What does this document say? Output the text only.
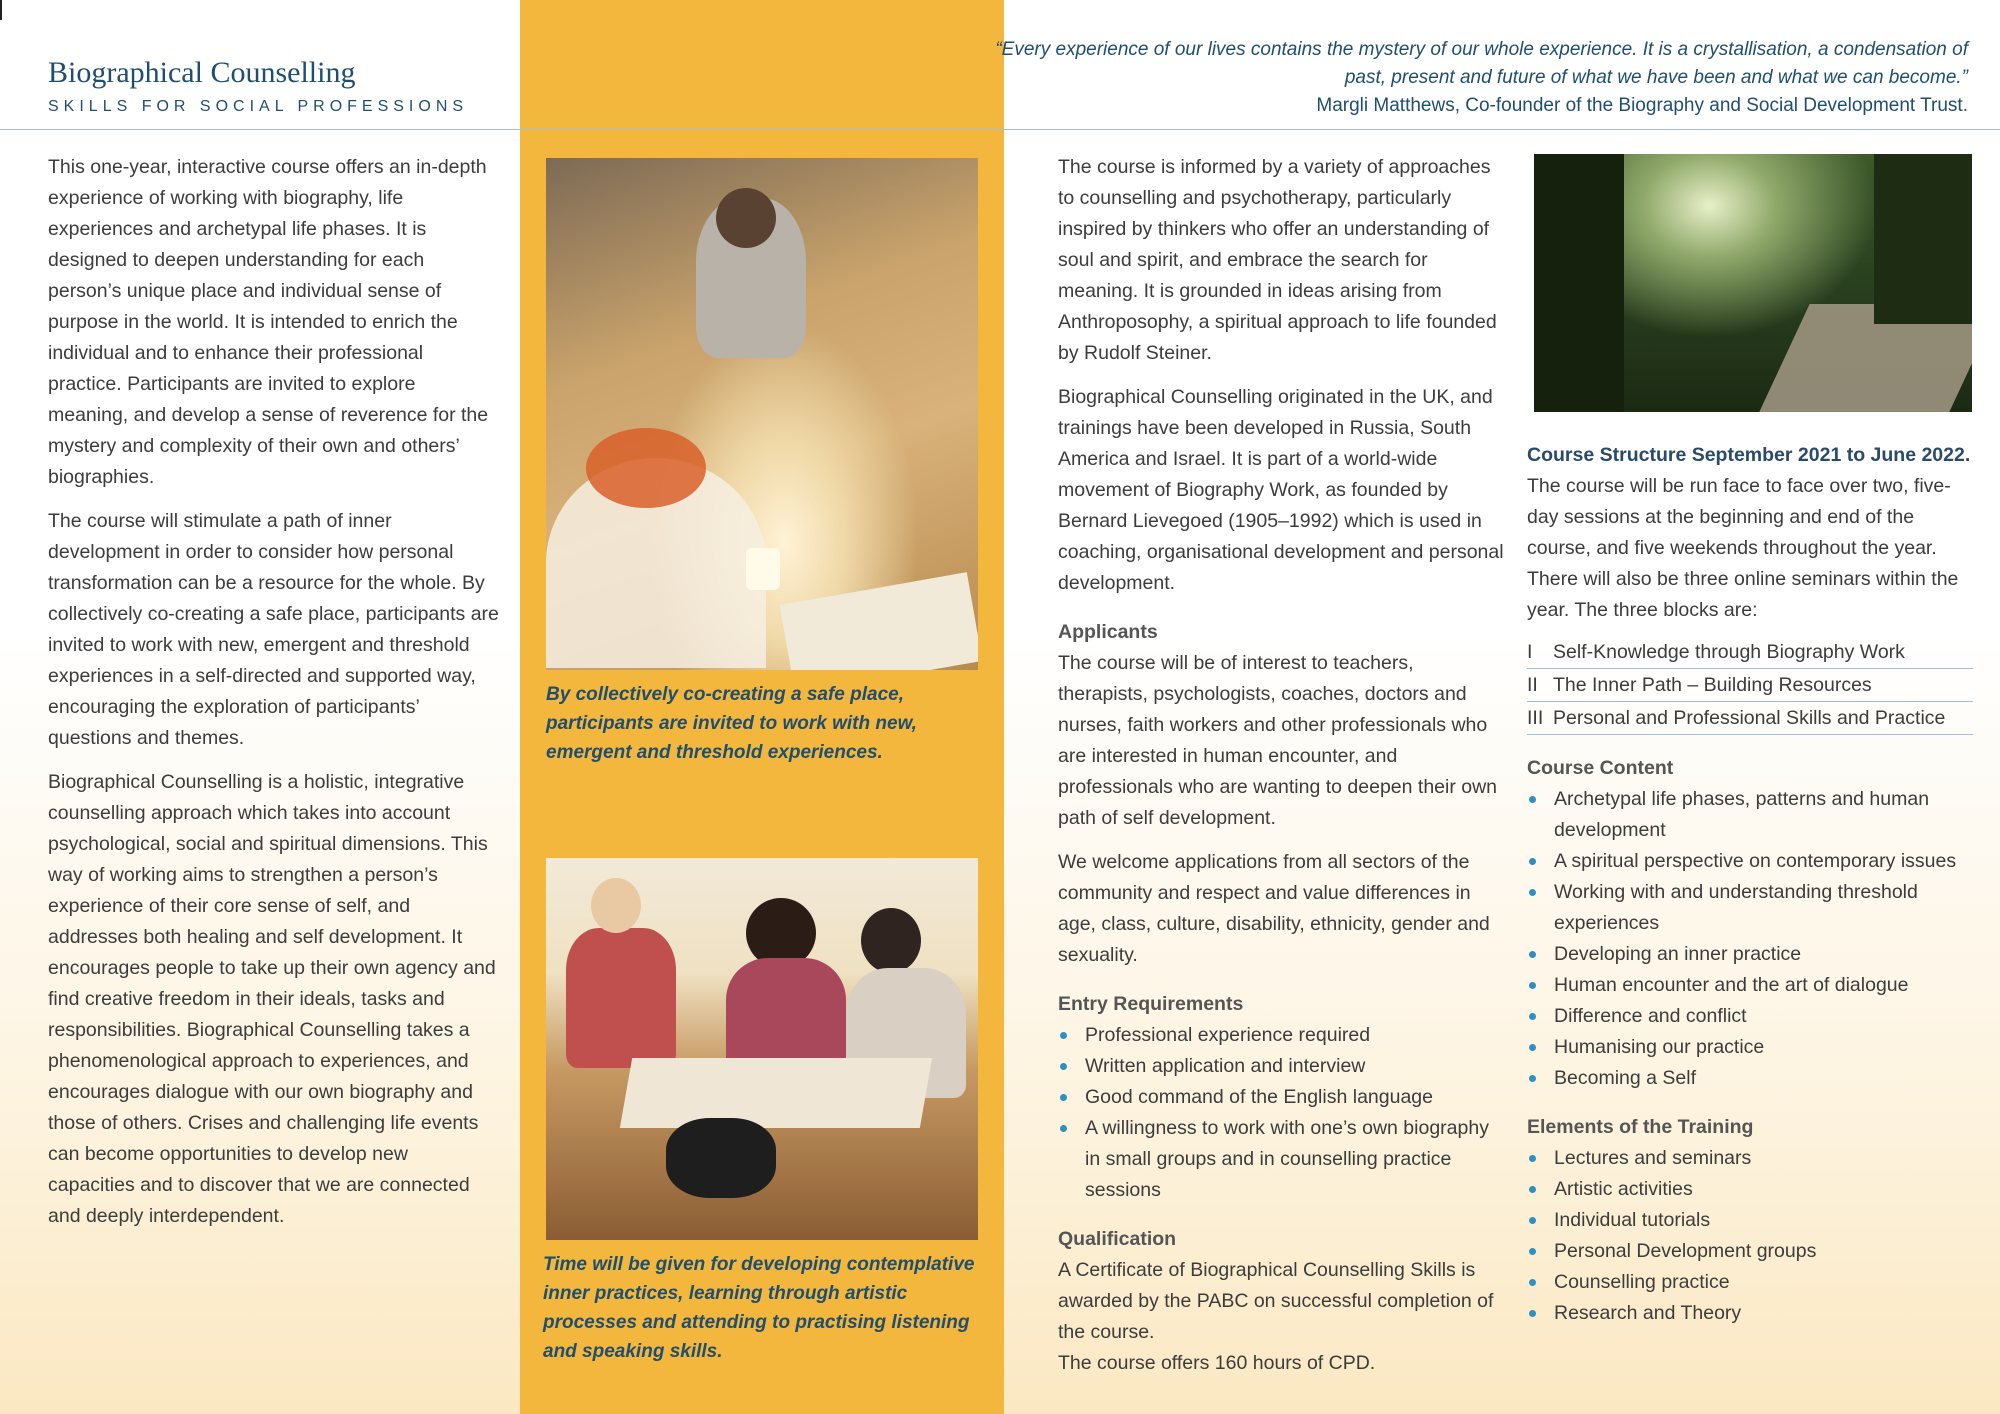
Biographical Counselling
SKILLS FOR SOCIAL PROFESSIONS
“Every experience of our lives contains the mystery of our whole experience. It is a crystallisation, a condensation of past, present and future of what we have been and what we can become.”
Margli Matthews, Co-founder of the Biography and Social Development Trust.

This one-year, interactive course offers an in-depth experience of working with biography, life experiences and archetypal life phases. It is designed to deepen understanding for each person’s unique place and individual sense of purpose in the world. It is intended to enrich the individual and to enhance their professional practice. Participants are invited to explore meaning, and develop a sense of reverence for the mystery and complexity of their own and others’ biographies.

The course will stimulate a path of inner development in order to consider how personal transformation can be a resource for the whole. By collectively co-creating a safe place, participants are invited to work with new, emergent and threshold experiences in a self-directed and supported way, encouraging the exploration of participants’ questions and themes.

Biographical Counselling is a holistic, integrative counselling approach which takes into account psychological, social and spiritual dimensions. This way of working aims to strengthen a person’s experience of their core sense of self, and addresses both healing and self development. It encourages people to take up their own agency and find creative freedom in their ideals, tasks and responsibilities. Biographical Counselling takes a phenomenological approach to experiences, and encourages dialogue with our own biography and those of others. Crises and challenging life events can become opportunities to develop new capacities and to discover that we are connected and deeply interdependent.

By collectively co-creating a safe place, participants are invited to work with new, emergent and threshold experiences.
Time will be given for developing contemplative inner practices, learning through artistic processes and attending to practising listening and speaking skills.

The course is informed by a variety of approaches to counselling and psychotherapy, particularly inspired by thinkers who offer an understanding of soul and spirit, and embrace the search for meaning. It is grounded in ideas arising from Anthroposophy, a spiritual approach to life founded by Rudolf Steiner.

Biographical Counselling originated in the UK, and trainings have been developed in Russia, South America and Israel. It is part of a world-wide movement of Biography Work, as founded by Bernard Lievegoed (1905–1992) which is used in coaching, organisational development and personal development.

Applicants

The course will be of interest to teachers, therapists, psychologists, coaches, doctors and nurses, faith workers and other professionals who are interested in human encounter, and professionals who are wanting to deepen their own path of self development.

We welcome applications from all sectors of the community and respect and value differences in age, class, culture, disability, ethnicity, gender and sexuality.

Entry Requirements
Professional experience required
Written application and interview
Good command of the English language
A willingness to work with one’s own biography in small groups and in counselling practice sessions
Qualification
A Certificate of Biographical Counselling Skills is awarded by the PABC on successful completion of the course.
The course offers 160 hours of CPD.
Course Structure September 2021 to June 2022.
The course will be run face to face over two, five-day sessions at the beginning and end of the course, and five weekends throughout the year. There will also be three online seminars within the year. The three blocks are:
I	Self-Knowledge through Biography Work
II The Inner Path – Building Resources
III Personal and Professional Skills and Practice
Course Content
Archetypal life phases, patterns and human development
A spiritual perspective on contemporary issues
Working with and understanding threshold experiences
Developing an inner practice
Human encounter and the art of dialogue
Difference and conflict
Humanising our practice
Becoming a Self
Elements of the Training
Lectures and seminars
Artistic activities
Individual tutorials
Personal Development groups
Counselling practice
Research and Theory
